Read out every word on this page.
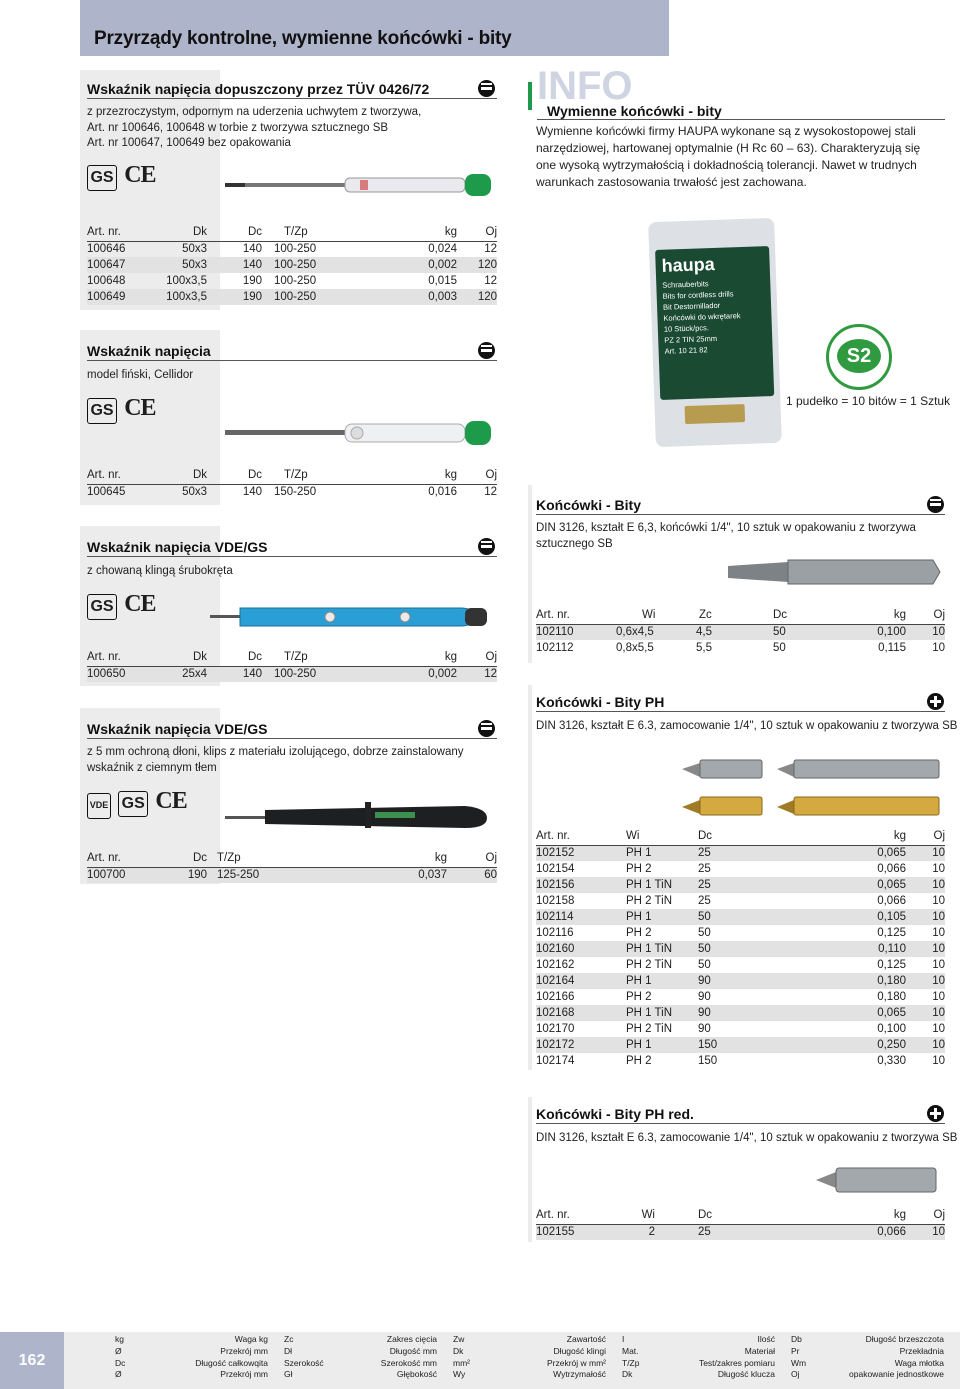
Przyrządy kontrolne, wymienne końcówki - bity
Wskaźnik napięcia dopuszczony przez TÜV 0426/72
z przezroczystym, odpornym na uderzenia uchwytem z tworzywa,
Art. nr 100646, 100648 w torbie z tworzywa sztucznego SB
Art. nr 100647, 100649 bez opakowania
GS CE
Art. nr.	Dk	Dc	T/Zp	kg	Oj
100646	50x3	140	100-250	0,024	12
100647	50x3	140	100-250	0,002	120
100648	100x3,5	190	100-250	0,015	12
100649	100x3,5	190	100-250	0,003	120
Wskaźnik napięcia
model fiński, Cellidor
GS CE
Art. nr.	Dk	Dc	T/Zp	kg	Oj
100645	50x3	140	150-250	0,016	12
Wskaźnik napięcia VDE/GS
z chowaną klingą śrubokręta
GS CE
Art. nr.	Dk	Dc	T/Zp	kg	Oj
100650	25x4	140	100-250	0,002	12
Wskaźnik napięcia VDE/GS
z 5 mm ochroną dłoni, klips z materiału izolującego, dobrze zainstalowany
wskaźnik z ciemnym tłem
VDE GS CE
Art. nr.	Dc	T/Zp	kg	Oj
100700	190	125-250	0,037	60
INFO
Wymienne końcówki - bity
Wymienne końcówki firmy HAUPA wykonane są z wysokostopowej stali
narzędziowej, hartowanej optymalnie (H Rc 60 – 63). Charakteryzują się
one wysoką wytrzymałością i dokładnością tolerancji. Nawet w trudnych
warunkach zastosowania trwałość jest zachowana.
haupa
Schrauberbits
Bits for cordless drills
Bit Destornillador
Końcówki do wkrętarek
10 Stück/pcs.
PZ 2 TIN 25mm
Art. 10 21 82	S2
1 pudełko = 10 bitów = 1 Sztuk
Końcówki - Bity
DIN 3126, kształt E 6,3, końcówki 1/4", 10 sztuk w opakowaniu z tworzywa
sztucznego SB
Art. nr.	Wi	Zc	Dc	kg	Oj
102110	0,6x4,5	4,5	50	0,100	10
102112	0,8x5,5	5,5	50	0,115	10
Końcówki - Bity PH
DIN 3126, kształt E 6.3, zamocowanie 1/4", 10 sztuk w opakowaniu z tworzywa SB
Art. nr.	Wi	Dc	kg	Oj
102152	PH 1	25	0,065	10
102154	PH 2	25	0,066	10
102156	PH 1 TiN	25	0,065	10
102158	PH 2 TiN	25	0,066	10
102114	PH 1	50	0,105	10
102116	PH 2	50	0,125	10
102160	PH 1 TiN	50	0,110	10
102162	PH 2 TiN	50	0,125	10
102164	PH 1	90	0,180	10
102166	PH 2	90	0,180	10
102168	PH 1 TiN	90	0,065	10
102170	PH 2 TiN	90	0,100	10
102172	PH 1	150	0,250	10
102174	PH 2	150	0,330	10
Końcówki - Bity PH red.
DIN 3126, kształt E 6.3, zamocowanie 1/4", 10 sztuk w opakowaniu z tworzywa SB
Art. nr.	Wi	Dc	kg	Oj
102155	2	25	0,066	10
162
kg	Waga kg
Ø	Przekrój mm
Dc	Długość całkowqita
Ø	Przekrój mm
Zc	Zakres cięcia
Dł	Długość mm
Szerokość	Szerokość mm
Gł	Głębokość
Zw	Zawartość
Dk	Długość klingi
mm²	Przekrój w mm²
Wy	Wytrzymałość
I	Ilość
Mat.	Materiał
T/Zp	Test/zakres pomiaru
Dk	Długość klucza
Db	Długość brzeszczota
Pr	Przekładnia
Wm	Waga młotka
Oj	opakowanie jednostkowe
